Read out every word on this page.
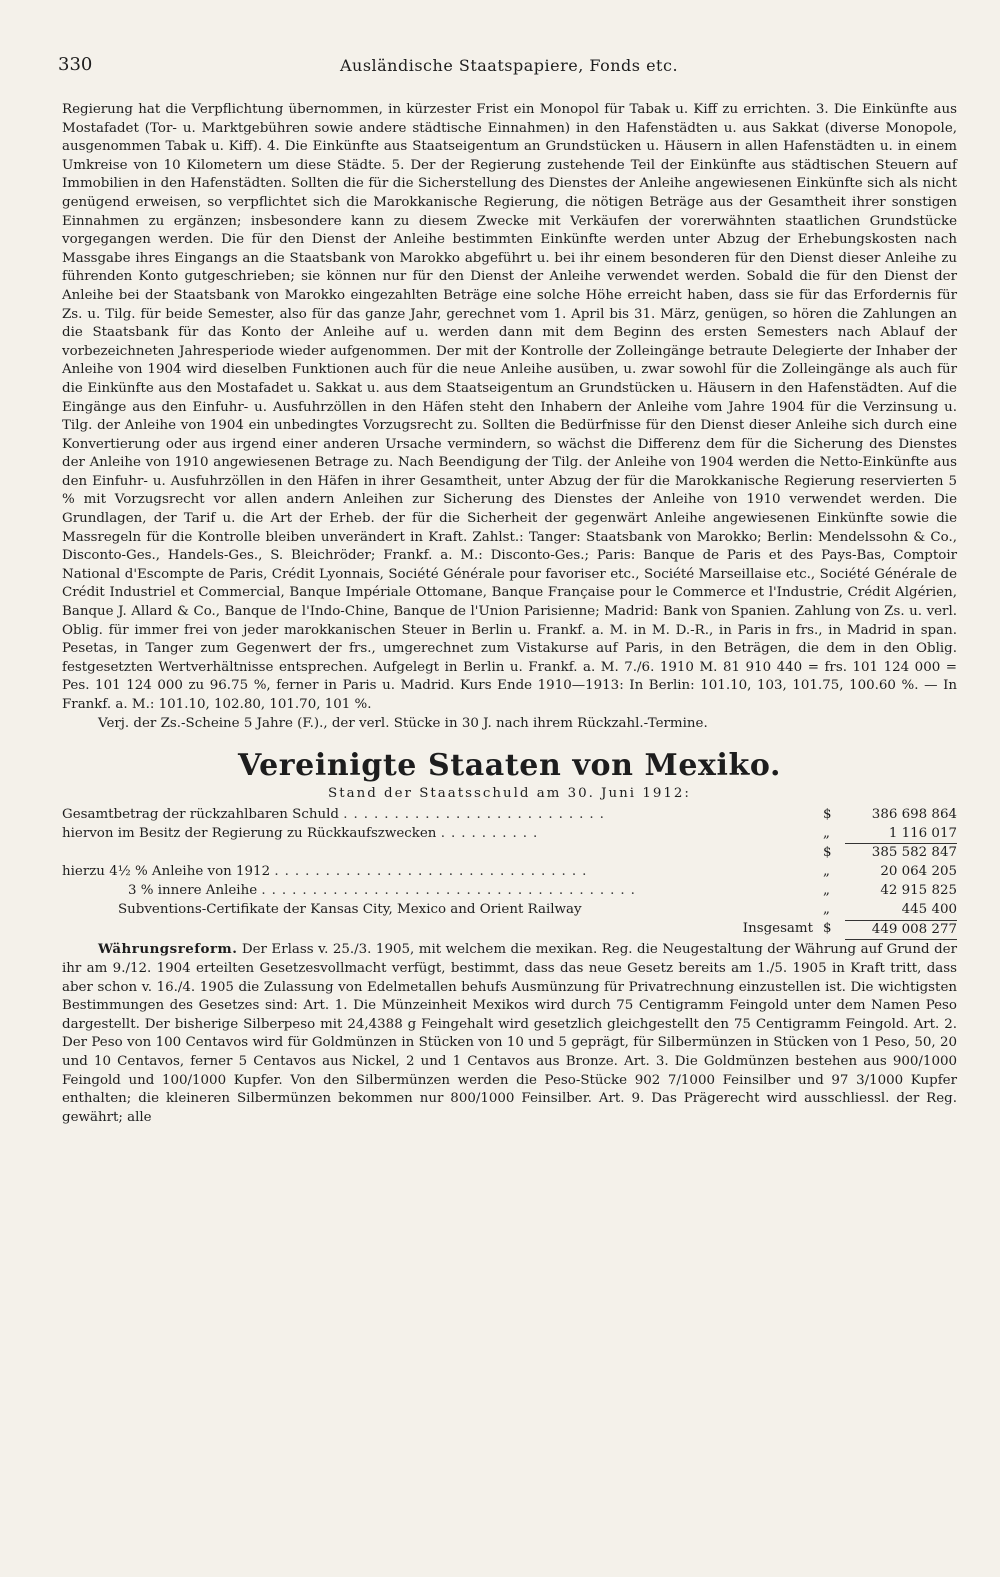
330	Ausländische Staatspapiere, Fonds etc.

Regierung hat die Verpflichtung übernommen, in kürzester Frist ein Monopol für Tabak u. Kiff zu errichten. 3. Die Einkünfte aus Mostafadet (Tor- u. Marktgebühren sowie andere städtische Einnahmen) in den Hafenstädten u. aus Sakkat (diverse Monopole, ausgenommen Tabak u. Kiff). 4. Die Einkünfte aus Staatseigentum an Grundstücken u. Häusern in allen Hafenstädten u. in einem Umkreise von 10 Kilometern um diese Städte. 5. Der der Regierung zustehende Teil der Einkünfte aus städtischen Steuern auf Immobilien in den Hafenstädten. Sollten die für die Sicherstellung des Dienstes der Anleihe angewiesenen Einkünfte sich als nicht genügend erweisen, so verpflichtet sich die Marokkanische Regierung, die nötigen Beträge aus der Gesamtheit ihrer sonstigen Einnahmen zu ergänzen; insbesondere kann zu diesem Zwecke mit Verkäufen der vorerwähnten staatlichen Grundstücke vorgegangen werden. Die für den Dienst der Anleihe bestimmten Einkünfte werden unter Abzug der Erhebungskosten nach Massgabe ihres Eingangs an die Staatsbank von Marokko abgeführt u. bei ihr einem besonderen für den Dienst dieser Anleihe zu führenden Konto gutgeschrieben; sie können nur für den Dienst der Anleihe verwendet werden. Sobald die für den Dienst der Anleihe bei der Staatsbank von Marokko eingezahlten Beträge eine solche Höhe erreicht haben, dass sie für das Erfordernis für Zs. u. Tilg. für beide Semester, also für das ganze Jahr, gerechnet vom 1. April bis 31. März, genügen, so hören die Zahlungen an die Staatsbank für das Konto der Anleihe auf u. werden dann mit dem Beginn des ersten Semesters nach Ablauf der vorbezeichneten Jahresperiode wieder aufgenommen. Der mit der Kontrolle der Zolleingänge betraute Delegierte der Inhaber der Anleihe von 1904 wird dieselben Funktionen auch für die neue Anleihe ausüben, u. zwar sowohl für die Zolleingänge als auch für die Einkünfte aus den Mostafadet u. Sakkat u. aus dem Staatseigentum an Grundstücken u. Häusern in den Hafenstädten. Auf die Eingänge aus den Einfuhr- u. Ausfuhrzöllen in den Häfen steht den Inhabern der Anleihe vom Jahre 1904 für die Verzinsung u. Tilg. der Anleihe von 1904 ein unbedingtes Vorzugsrecht zu. Sollten die Bedürfnisse für den Dienst dieser Anleihe sich durch eine Konvertierung oder aus irgend einer anderen Ursache vermindern, so wächst die Differenz dem für die Sicherung des Dienstes der Anleihe von 1910 angewiesenen Betrage zu. Nach Beendigung der Tilg. der Anleihe von 1904 werden die Netto-Einkünfte aus den Einfuhr- u. Ausfuhrzöllen in den Häfen in ihrer Gesamtheit, unter Abzug der für die Marokkanische Regierung reservierten 5 % mit Vorzugsrecht vor allen andern Anleihen zur Sicherung des Dienstes der Anleihe von 1910 verwendet werden. Die Grundlagen, der Tarif u. die Art der Erheb. der für die Sicherheit der gegenwärt Anleihe angewiesenen Einkünfte sowie die Massregeln für die Kontrolle bleiben unverändert in Kraft. Zahlst.: Tanger: Staatsbank von Marokko; Berlin: Mendelssohn & Co., Disconto-Ges., Handels-Ges., S. Bleichröder; Frankf. a. M.: Disconto-Ges.; Paris: Banque de Paris et des Pays-Bas, Comptoir National d'Escompte de Paris, Crédit Lyonnais, Société Générale pour favoriser etc., Société Marseillaise etc., Société Générale de Crédit Industriel et Commercial, Banque Impériale Ottomane, Banque Française pour le Commerce et l'Industrie, Crédit Algérien, Banque J. Allard & Co., Banque de l'Indo-Chine, Banque de l'Union Parisienne; Madrid: Bank von Spanien. Zahlung von Zs. u. verl. Oblig. für immer frei von jeder marokkanischen Steuer in Berlin u. Frankf. a. M. in M. D.-R., in Paris in frs., in Madrid in span. Pesetas, in Tanger zum Gegenwert der frs., umgerechnet zum Vistakurse auf Paris, in den Beträgen, die dem in den Oblig. festgesetzten Wertverhältnisse entsprechen. Aufgelegt in Berlin u. Frankf. a. M. 7./6. 1910 M. 81 910 440 = frs. 101 124 000 = Pes. 101 124 000 zu 96.75 %, ferner in Paris u. Madrid. Kurs Ende 1910—1913: In Berlin: 101.10, 103, 101.75, 100.60 %. — In Frankf. a. M.: 101.10, 102.80, 101.70, 101 %.

Verj. der Zs.-Scheine 5 Jahre (F.)., der verl. Stücke in 30 J. nach ihrem Rückzahl.-Termine.

Vereinigte Staaten von Mexiko.

Stand der Staatsschuld am 30. Juni 1912:

Gesamtbetrag der rückzahlbaren Schuld ..........................	$	386 698 864
hiervon im Besitz der Regierung zu Rückkaufszwecken ..........	„	1 116 017
	$	385 582 847
hierzu 4½ % Anleihe von 1912 ...............................	„	20 064 205
3 % innere Anleihe .....................................	„	42 915 825
Subventions-Certifikate der Kansas City, Mexico and Orient Railway	„	445 400
Insgesamt	$	449 008 277

Währungsreform. Der Erlass v. 25./3. 1905, mit welchem die mexikan. Reg. die Neugestaltung der Währung auf Grund der ihr am 9./12. 1904 erteilten Gesetzesvollmacht verfügt, bestimmt, dass das neue Gesetz bereits am 1./5. 1905 in Kraft tritt, dass aber schon v. 16./4. 1905 die Zulassung von Edelmetallen behufs Ausmünzung für Privatrechnung einzustellen ist. Die wichtigsten Bestimmungen des Gesetzes sind: Art. 1. Die Münzeinheit Mexikos wird durch 75 Centigramm Feingold unter dem Namen Peso dargestellt. Der bisherige Silberpeso mit 24,4388 g Feingehalt wird gesetzlich gleichgestellt den 75 Centigramm Feingold. Art. 2. Der Peso von 100 Centavos wird für Goldmünzen in Stücken von 10 und 5 geprägt, für Silbermünzen in Stücken von 1 Peso, 50, 20 und 10 Centavos, ferner 5 Centavos aus Nickel, 2 und 1 Centavos aus Bronze. Art. 3. Die Goldmünzen bestehen aus 900/1000 Feingold und 100/1000 Kupfer. Von den Silbermünzen werden die Peso-Stücke 902 7/1000 Feinsilber und 97 3/1000 Kupfer enthalten; die kleineren Silbermünzen bekommen nur 800/1000 Feinsilber. Art. 9. Das Prägerecht wird ausschliessl. der Reg. gewährt; alle
